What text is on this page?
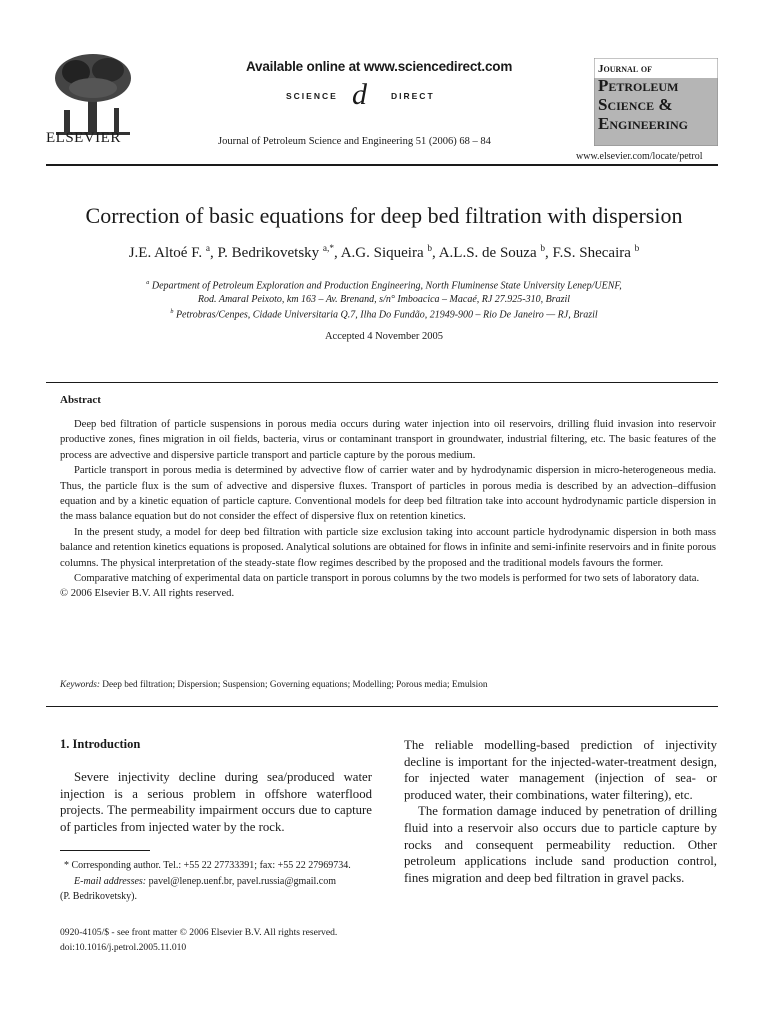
ELSEVIER
Available online at www.sciencedirect.com
SCIENCE d	DIRECT
Journal of Petroleum Science and Engineering 51 (2006) 68 – 84
Journal of
Petroleum
Science &
Engineering
www.elsevier.com/locate/petrol
Correction of basic equations for deep bed filtration with dispersion
J.E. Altoé F. $^a$, P. Bedrikovetsky $^{a,*}$, A.G. Siqueira $^b$, A.L.S. de Souza $^b$, F.S. Shecaira $^b$
$^a$ Department of Petroleum Exploration and Production Engineering, North Fluminense State University Lenep/UENF,
Rod. Amaral Peixoto, km 163 – Av. Brenand, s/n° Imboacica – Macaé, RJ 27.925-310, Brazil
$^b$ Petrobras/Cenpes, Cidade Universitaria Q.7, Ilha Do Fundão, 21949-900 – Rio De Janeiro — RJ, Brazil
Accepted 4 November 2005
Abstract

Deep bed filtration of particle suspensions in porous media occurs during water injection into oil reservoirs, drilling fluid invasion into reservoir productive zones, fines migration in oil fields, bacteria, virus or contaminant transport in groundwater, industrial filtering, etc. The basic features of the process are advective and dispersive particle transport and particle capture by the porous medium.

Particle transport in porous media is determined by advective flow of carrier water and by hydrodynamic dispersion in micro-heterogeneous media. Thus, the particle flux is the sum of advective and dispersive fluxes. Transport of particles in porous media is described by an advection–diffusion equation and by a kinetic equation of particle capture. Conventional models for deep bed filtration take into account hydrodynamic particle dispersion in the mass balance equation but do not consider the effect of dispersive flux on retention kinetics.

In the present study, a model for deep bed filtration with particle size exclusion taking into account particle hydrodynamic dispersion in both mass balance and retention kinetics equations is proposed. Analytical solutions are obtained for flows in infinite and semi-infinite reservoirs and in finite porous columns. The physical interpretation of the steady-state flow regimes described by the proposed and the traditional models favours the former.

Comparative matching of experimental data on particle transport in porous columns by the two models is performed for two sets of laboratory data.

© 2006 Elsevier B.V. All rights reserved.

Keywords: Deep bed filtration; Dispersion; Suspension; Governing equations; Modelling; Porous media; Emulsion
1. Introduction

Severe injectivity decline during sea/produced water injection is a serious problem in offshore waterflood projects. The permeability impairment occurs due to capture of particles from injected water by the rock.

The reliable modelling-based prediction of injectivity decline is important for the injected-water-treatment design, for injected water management (injection of sea- or produced water, their combinations, water filtering), etc.

The formation damage induced by penetration of drilling fluid into a reservoir also occurs due to particle capture by rocks and consequent permeability reduction. Other petroleum applications include sand production control, fines migration and deep bed filtration in gravel packs.

* Corresponding author. Tel.: +55 22 27733391; fax: +55 22 27969734.

E-mail addresses: pavel@lenep.uenf.br, pavel.russia@gmail.com

(P. Bedrikovetsky).

0920-4105/$ - see front matter © 2006 Elsevier B.V. All rights reserved.
doi:10.1016/j.petrol.2005.11.010
